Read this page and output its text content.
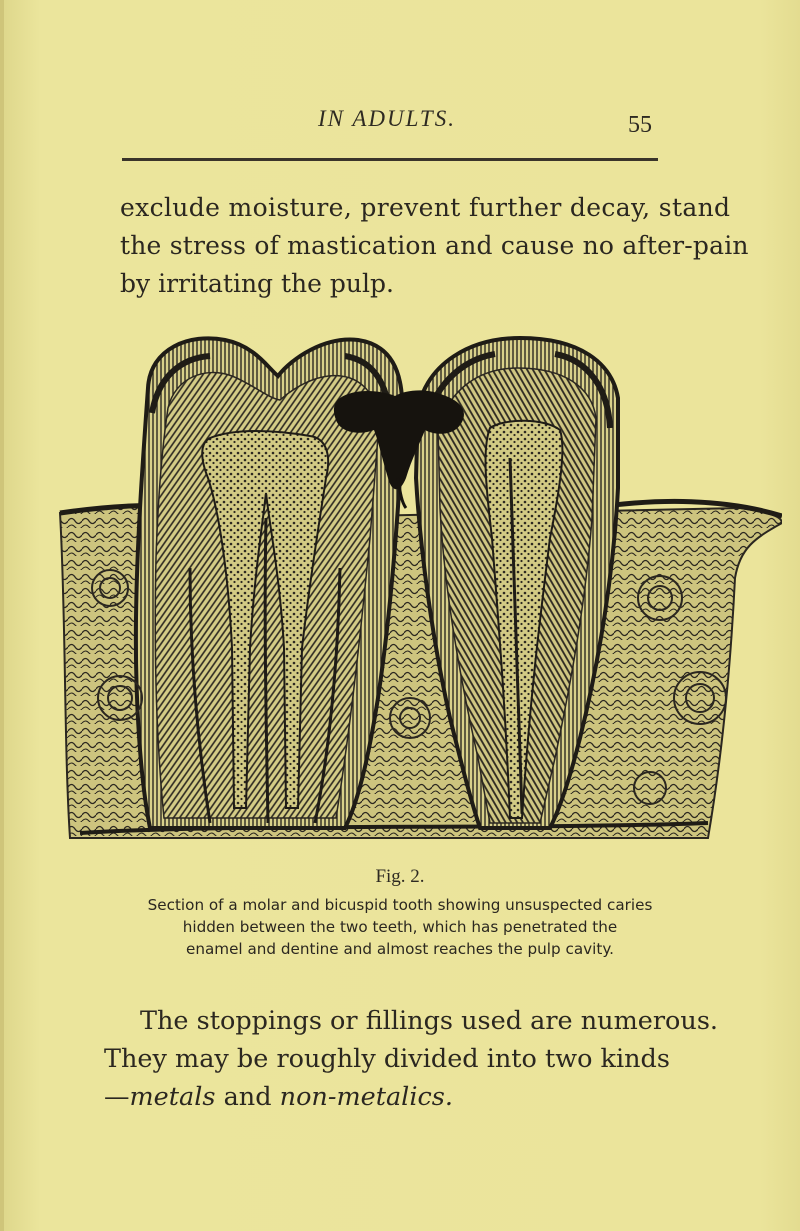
IN ADULTS.	55
exclude moisture, prevent further decay, stand
the stress of mastication and cause no after-pain
by irritating the pulp.
Fig. 2.
Section of a molar and bicuspid tooth showing unsuspected caries
hidden between the two teeth, which has penetrated the
enamel and dentine and almost reaches the pulp cavity.
The stoppings or fillings used are numerous.
They may be roughly divided into two kinds
—metals and non-metalics.
